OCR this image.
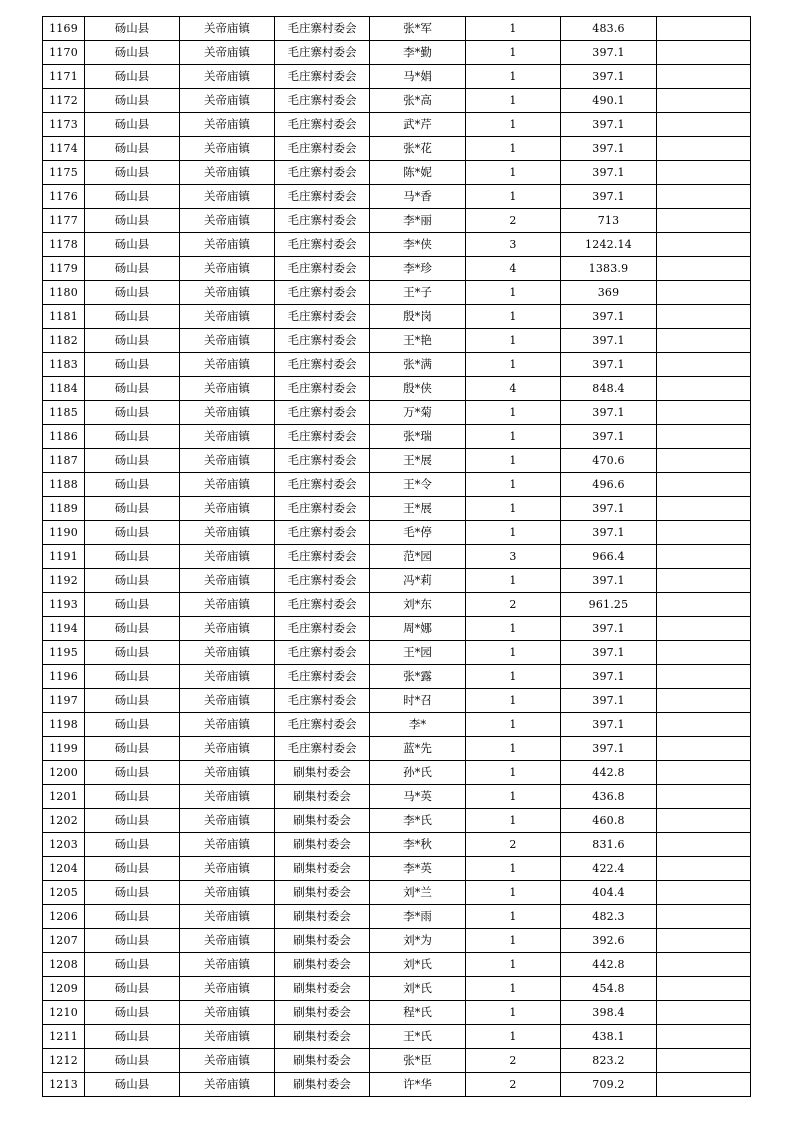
1169	砀山县	关帝庙镇	毛庄寨村委会	张*军	1	483.6	
1170	砀山县	关帝庙镇	毛庄寨村委会	李*勤	1	397.1	
1171	砀山县	关帝庙镇	毛庄寨村委会	马*娟	1	397.1	
1172	砀山县	关帝庙镇	毛庄寨村委会	张*高	1	490.1	
1173	砀山县	关帝庙镇	毛庄寨村委会	武*芹	1	397.1	
1174	砀山县	关帝庙镇	毛庄寨村委会	张*花	1	397.1	
1175	砀山县	关帝庙镇	毛庄寨村委会	陈*妮	1	397.1	
1176	砀山县	关帝庙镇	毛庄寨村委会	马*香	1	397.1	
1177	砀山县	关帝庙镇	毛庄寨村委会	李*丽	2	713	
1178	砀山县	关帝庙镇	毛庄寨村委会	李*侠	3	1242.14	
1179	砀山县	关帝庙镇	毛庄寨村委会	李*珍	4	1383.9	
1180	砀山县	关帝庙镇	毛庄寨村委会	王*子	1	369	
1181	砀山县	关帝庙镇	毛庄寨村委会	殷*岗	1	397.1	
1182	砀山县	关帝庙镇	毛庄寨村委会	王*艳	1	397.1	
1183	砀山县	关帝庙镇	毛庄寨村委会	张*满	1	397.1	
1184	砀山县	关帝庙镇	毛庄寨村委会	殷*侠	4	848.4	
1185	砀山县	关帝庙镇	毛庄寨村委会	万*菊	1	397.1	
1186	砀山县	关帝庙镇	毛庄寨村委会	张*瑞	1	397.1	
1187	砀山县	关帝庙镇	毛庄寨村委会	王*展	1	470.6	
1188	砀山县	关帝庙镇	毛庄寨村委会	王*令	1	496.6	
1189	砀山县	关帝庙镇	毛庄寨村委会	王*展	1	397.1	
1190	砀山县	关帝庙镇	毛庄寨村委会	毛*停	1	397.1	
1191	砀山县	关帝庙镇	毛庄寨村委会	范*园	3	966.4	
1192	砀山县	关帝庙镇	毛庄寨村委会	冯*莉	1	397.1	
1193	砀山县	关帝庙镇	毛庄寨村委会	刘*东	2	961.25	
1194	砀山县	关帝庙镇	毛庄寨村委会	周*娜	1	397.1	
1195	砀山县	关帝庙镇	毛庄寨村委会	王*园	1	397.1	
1196	砀山县	关帝庙镇	毛庄寨村委会	张*露	1	397.1	
1197	砀山县	关帝庙镇	毛庄寨村委会	时*召	1	397.1	
1198	砀山县	关帝庙镇	毛庄寨村委会	李*	1	397.1	
1199	砀山县	关帝庙镇	毛庄寨村委会	蓝*先	1	397.1	
1200	砀山县	关帝庙镇	刷集村委会	孙*氏	1	442.8	
1201	砀山县	关帝庙镇	刷集村委会	马*英	1	436.8	
1202	砀山县	关帝庙镇	刷集村委会	李*氏	1	460.8	
1203	砀山县	关帝庙镇	刷集村委会	李*秋	2	831.6	
1204	砀山县	关帝庙镇	刷集村委会	李*英	1	422.4	
1205	砀山县	关帝庙镇	刷集村委会	刘*兰	1	404.4	
1206	砀山县	关帝庙镇	刷集村委会	李*雨	1	482.3	
1207	砀山县	关帝庙镇	刷集村委会	刘*为	1	392.6	
1208	砀山县	关帝庙镇	刷集村委会	刘*氏	1	442.8	
1209	砀山县	关帝庙镇	刷集村委会	刘*氏	1	454.8	
1210	砀山县	关帝庙镇	刷集村委会	程*氏	1	398.4	
1211	砀山县	关帝庙镇	刷集村委会	王*氏	1	438.1	
1212	砀山县	关帝庙镇	刷集村委会	张*臣	2	823.2	
1213	砀山县	关帝庙镇	刷集村委会	许*华	2	709.2	
